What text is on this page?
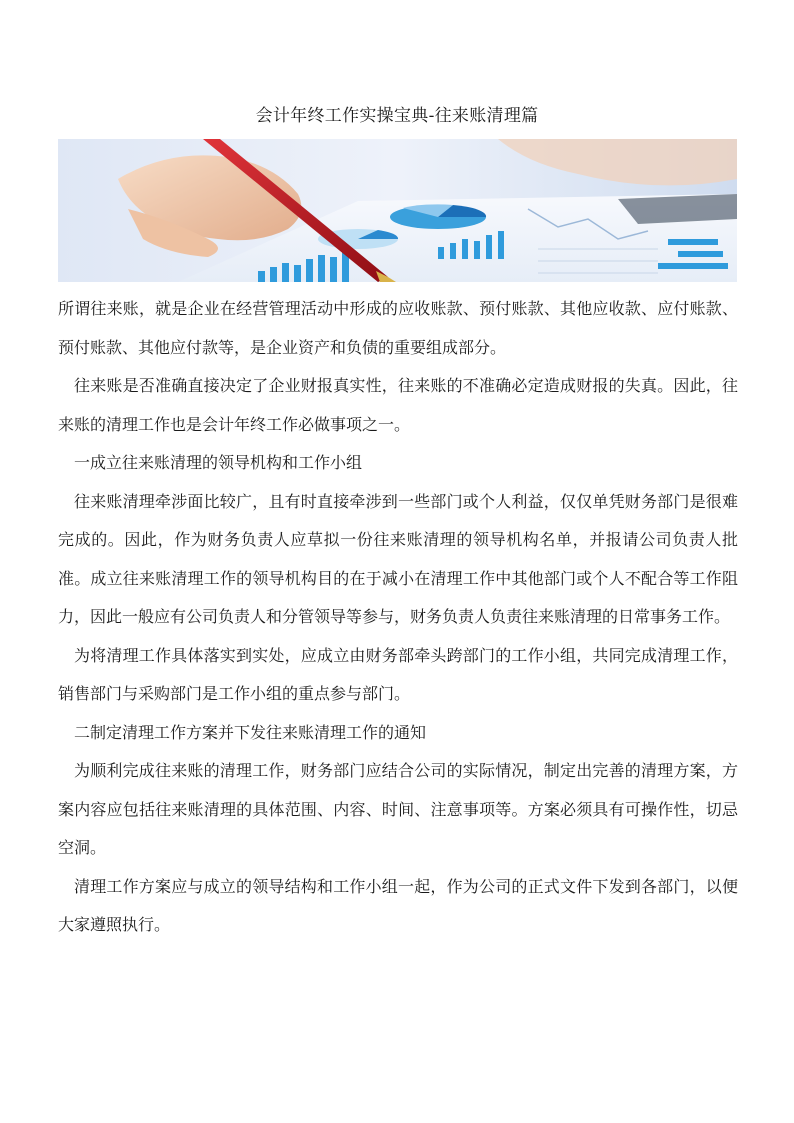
会计年终工作实操宝典-往来账清理篇

所谓往来账，就是企业在经营管理活动中形成的应收账款、预付账款、其他应收款、应付账款、预付账款、其他应付款等，是企业资产和负债的重要组成部分。

往来账是否准确直接决定了企业财报真实性，往来账的不准确必定造成财报的失真。因此，往来账的清理工作也是会计年终工作必做事项之一。

一成立往来账清理的领导机构和工作小组

往来账清理牵涉面比较广，且有时直接牵涉到一些部门或个人利益，仅仅单凭财务部门是很难完成的。因此，作为财务负责人应草拟一份往来账清理的领导机构名单，并报请公司负责人批准。成立往来账清理工作的领导机构目的在于减小在清理工作中其他部门或个人不配合等工作阻力，因此一般应有公司负责人和分管领导等参与，财务负责人负责往来账清理的日常事务工作。

为将清理工作具体落实到实处，应成立由财务部牵头跨部门的工作小组，共同完成清理工作，销售部门与采购部门是工作小组的重点参与部门。

二制定清理工作方案并下发往来账清理工作的通知

为顺利完成往来账的清理工作，财务部门应结合公司的实际情况，制定出完善的清理方案，方案内容应包括往来账清理的具体范围、内容、时间、注意事项等。方案必须具有可操作性，切忌空洞。

清理工作方案应与成立的领导结构和工作小组一起，作为公司的正式文件下发到各部门，以便大家遵照执行。
